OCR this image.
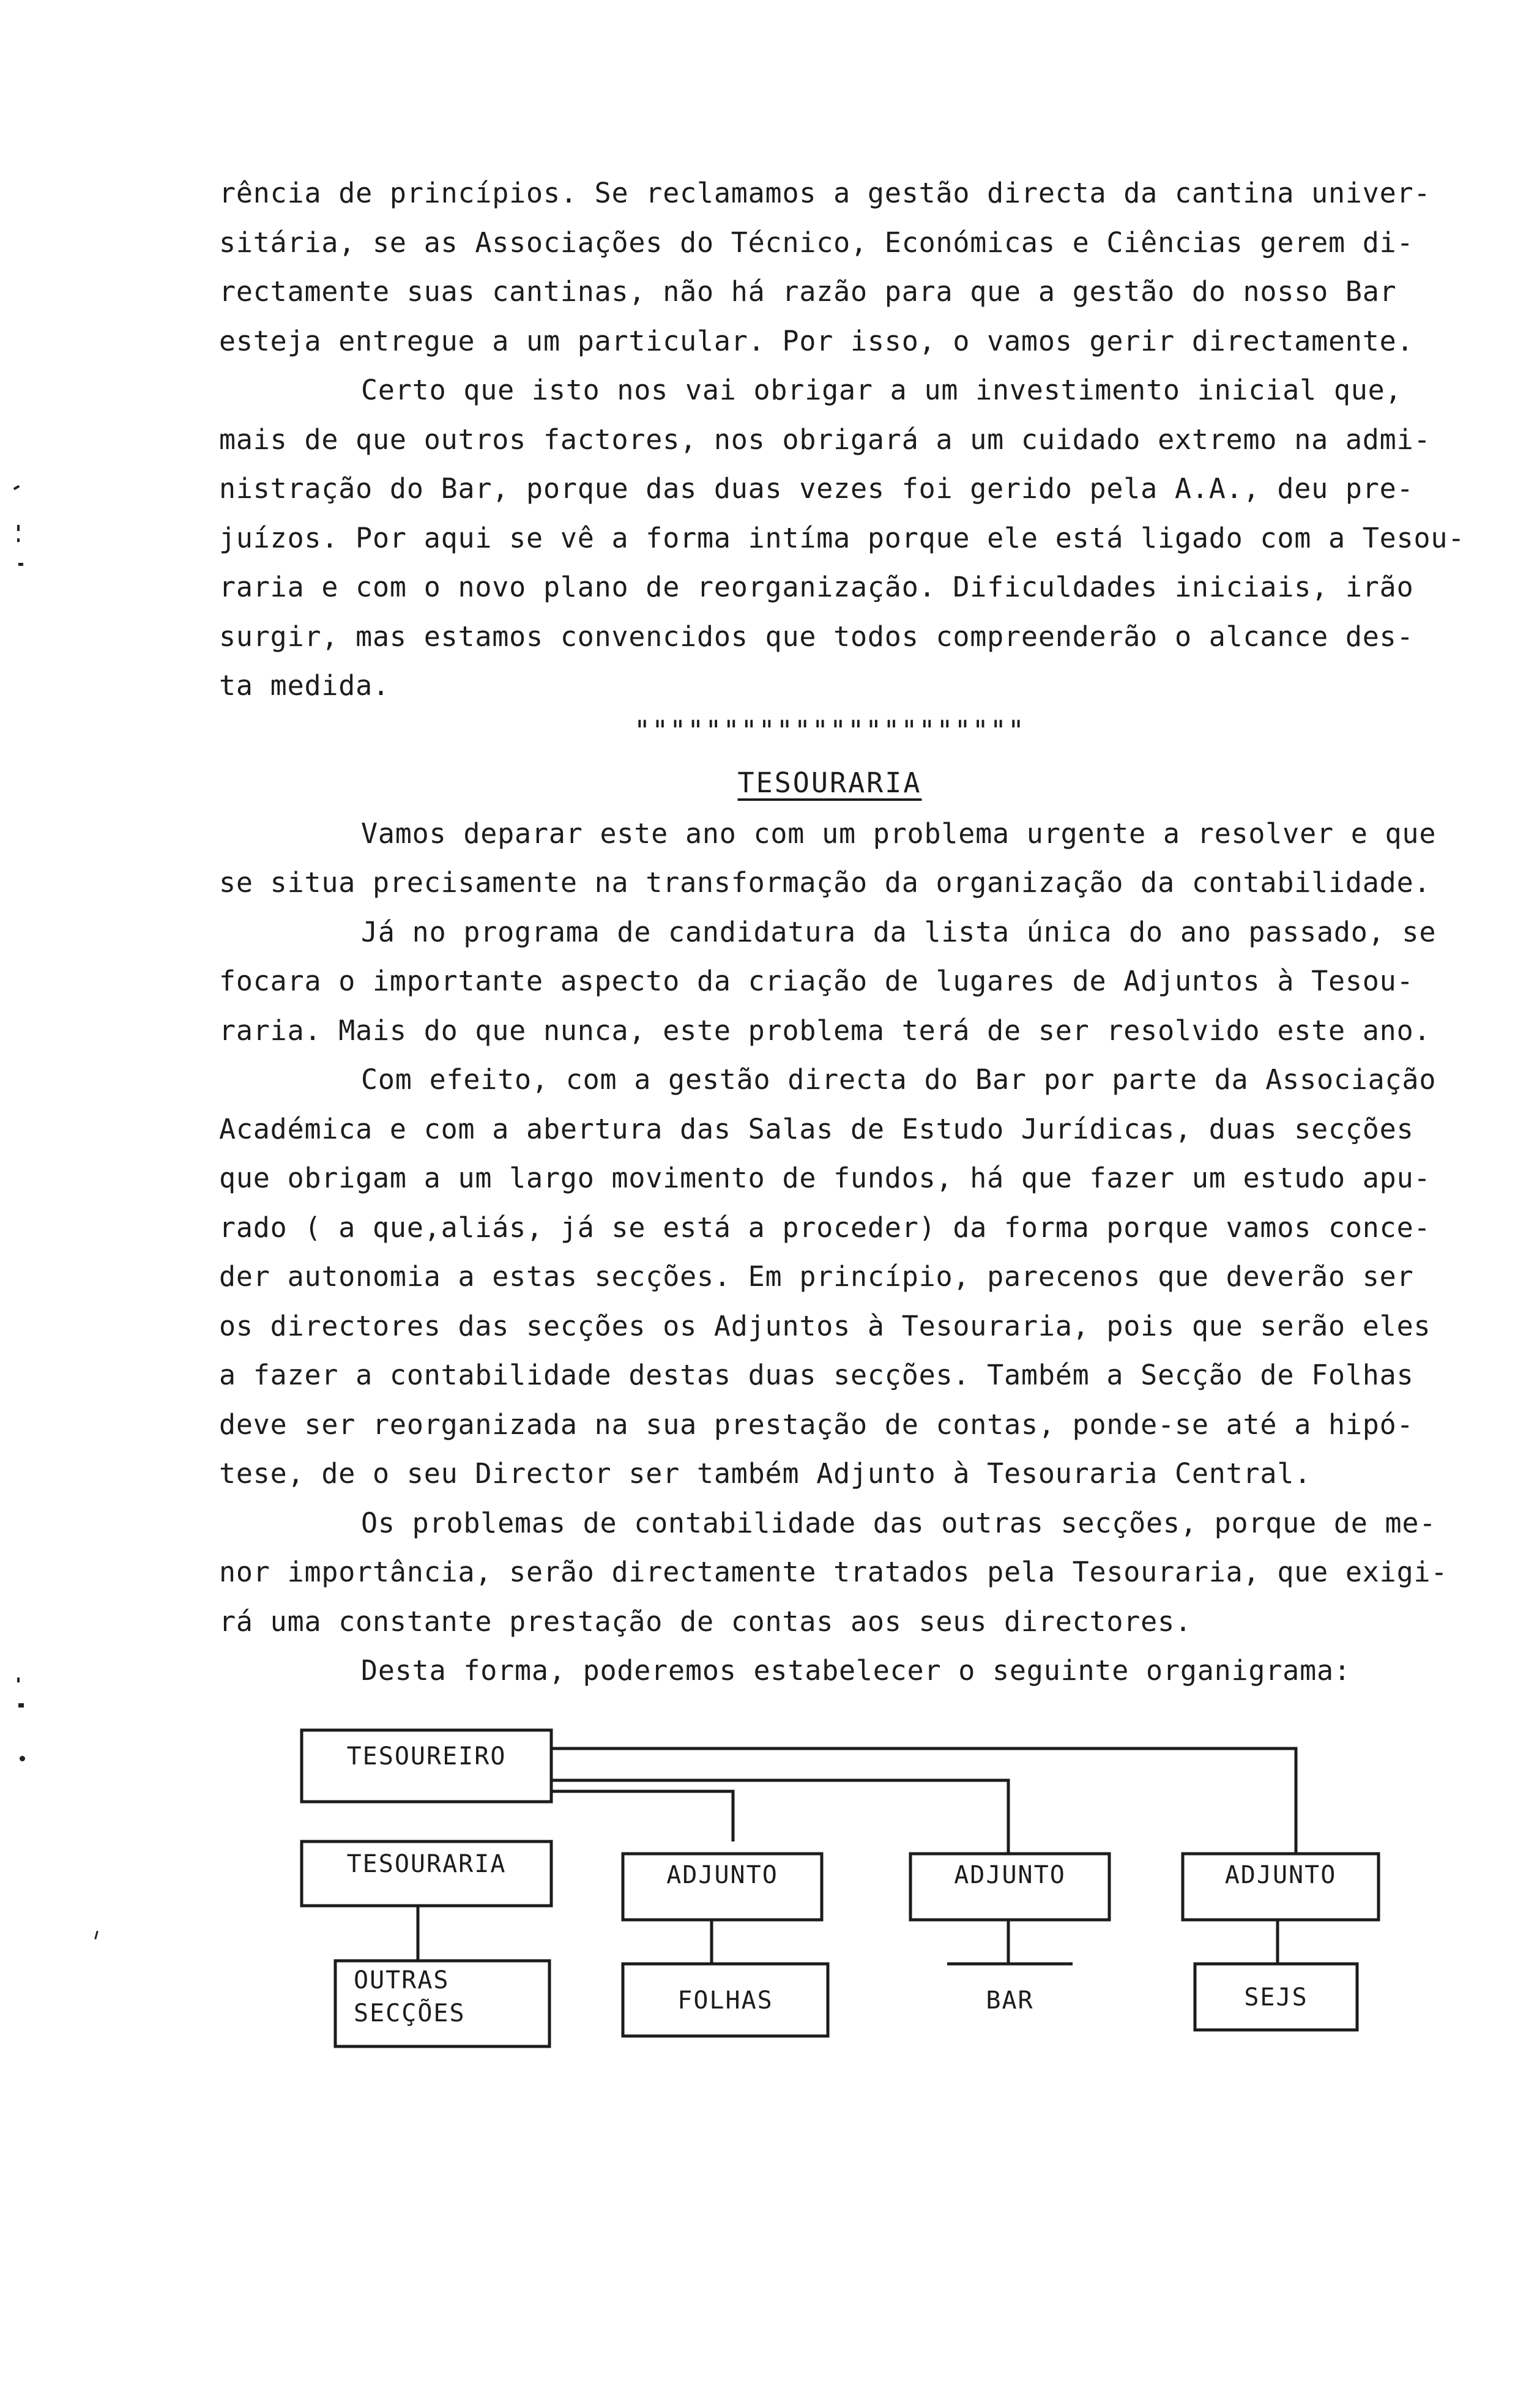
rência de princípios. Se reclamamos a gestão directa da cantina univer-
sitária, se as Associações do Técnico, Económicas e Ciências gerem di-
rectamente suas cantinas, não há razão para que a gestão do nosso Bar
esteja entregue a um particular. Por isso, o vamos gerir directamente.
Certo que isto nos vai obrigar a um investimento inicial que,
mais de que outros factores, nos obrigará a um cuidado extremo na admi-
nistração do Bar, porque das duas vezes foi gerido pela A.A., deu pre-
juízos. Por aqui se vê a forma intíma porque ele está ligado com a Tesou-
raria e com o novo plano de reorganização. Dificuldades iniciais, irão
surgir, mas estamos convencidos que todos compreenderão o alcance des-
ta medida.
""""""""""""""""""""""
TESOURARIA
Vamos deparar este ano com um problema urgente a resolver e que
se situa precisamente na transformação da organização da contabilidade.
Já no programa de candidatura da lista única do ano passado, se
focara o importante aspecto da criação de lugares de Adjuntos à Tesou-
raria. Mais do que nunca, este problema terá de ser resolvido este ano.
Com efeito, com a gestão directa do Bar por parte da Associação
Académica e com a abertura das Salas de Estudo Jurídicas, duas secções
que obrigam a um largo movimento de fundos, há que fazer um estudo apu-
rado ( a que,aliás, já se está a proceder) da forma porque vamos conce-
der autonomia a estas secções. Em princípio, parecenos que deverão ser
os directores das secções os Adjuntos à Tesouraria, pois que serão eles
a fazer a contabilidade destas duas secções. Também a Secção de Folhas
deve ser reorganizada na sua prestação de contas, ponde-se até a hipó-
tese, de o seu Director ser também Adjunto à Tesouraria Central.
Os problemas de contabilidade das outras secções, porque de me-
nor importância, serão directamente tratados pela Tesouraria, que exigi-
rá uma constante prestação de contas aos seus directores.
Desta forma, poderemos estabelecer o seguinte organigrama:
TESOUREIRO
TESOURARIA	ADJUNTO	ADJUNTO	ADJUNTO
OUTRAS
SECÇÕES	FOLHAS	BAR	SEJS
